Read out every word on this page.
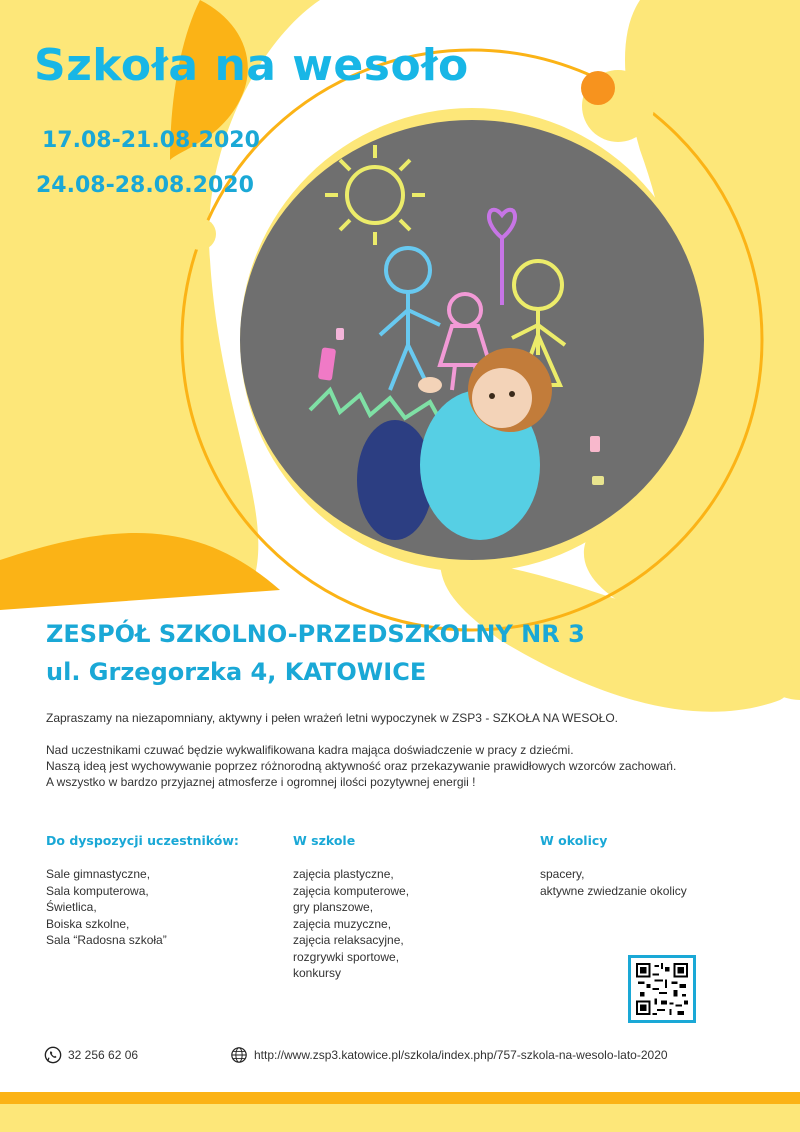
Szkoła na wesoło
17.08-21.08.2020
24.08-28.08.2020
ZESPÓŁ SZKOLNO-PRZEDSZKOLNY NR 3
ul. Grzegorzka 4, KATOWICE

Zapraszamy na niezapomniany, aktywny i pełen wrażeń letni wypoczynek w ZSP3 - SZKOŁA NA WESOŁO.

Nad uczestnikami czuwać będzie wykwalifikowana kadra mająca doświadczenie w pracy z dziećmi.

Naszą ideą jest wychowywanie poprzez różnorodną aktywność oraz przekazywanie prawidłowych wzorców zachowań.

A wszystko w bardzo przyjaznej atmosferze i ogromnej ilości pozytywnej energii !

Do dyspozycji uczestników:
Sale gimnastyczne,
Sala komputerowa,
Świetlica,
Boiska szkolne,
Sala “Radosna szkoła”
W szkole
zajęcia plastyczne,
zajęcia komputerowe,
gry planszowe,
zajęcia muzyczne,
zajęcia relaksacyjne,
rozgrywki sportowe,
konkursy
W okolicy
spacery,
aktywne zwiedzanie okolicy
32 256 62 06	http://www.zsp3.katowice.pl/szkola/index.php/757-szkola-na-wesolo-lato-2020
